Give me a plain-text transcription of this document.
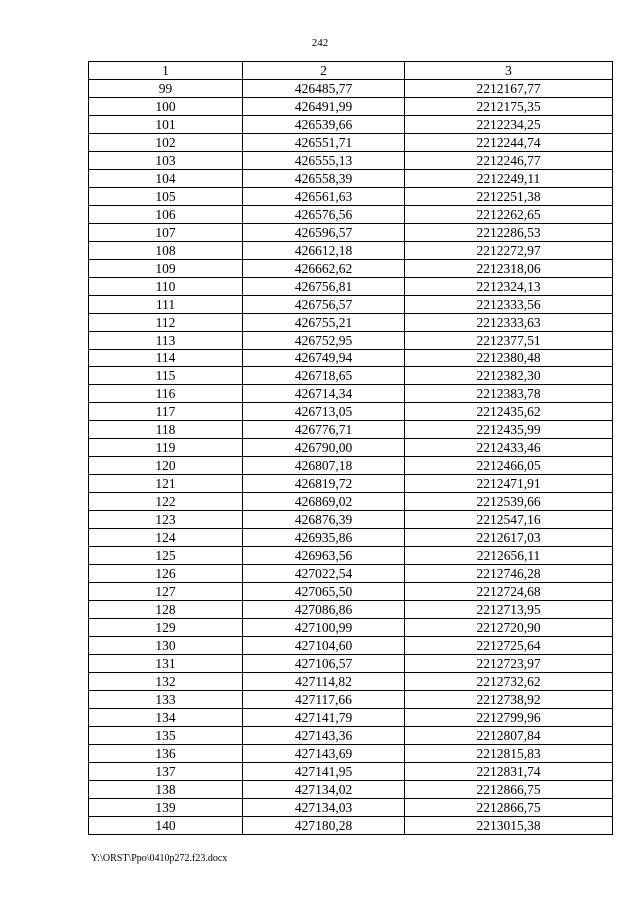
242
1	2	3
99	426485,77	2212167,77
100	426491,99	2212175,35
101	426539,66	2212234,25
102	426551,71	2212244,74
103	426555,13	2212246,77
104	426558,39	2212249,11
105	426561,63	2212251,38
106	426576,56	2212262,65
107	426596,57	2212286,53
108	426612,18	2212272,97
109	426662,62	2212318,06
110	426756,81	2212324,13
111	426756,57	2212333,56
112	426755,21	2212333,63
113	426752,95	2212377,51
114	426749,94	2212380,48
115	426718,65	2212382,30
116	426714,34	2212383,78
117	426713,05	2212435,62
118	426776,71	2212435,99
119	426790,00	2212433,46
120	426807,18	2212466,05
121	426819,72	2212471,91
122	426869,02	2212539,66
123	426876,39	2212547,16
124	426935,86	2212617,03
125	426963,56	2212656,11
126	427022,54	2212746,28
127	427065,50	2212724,68
128	427086,86	2212713,95
129	427100,99	2212720,90
130	427104,60	2212725,64
131	427106,57	2212723,97
132	427114,82	2212732,62
133	427117,66	2212738,92
134	427141,79	2212799,96
135	427143,36	2212807,84
136	427143,69	2212815,83
137	427141,95	2212831,74
138	427134,02	2212866,75
139	427134,03	2212866,75
140	427180,28	2213015,38
Y:\ORST\Ppo\0410p272.f23.docx
